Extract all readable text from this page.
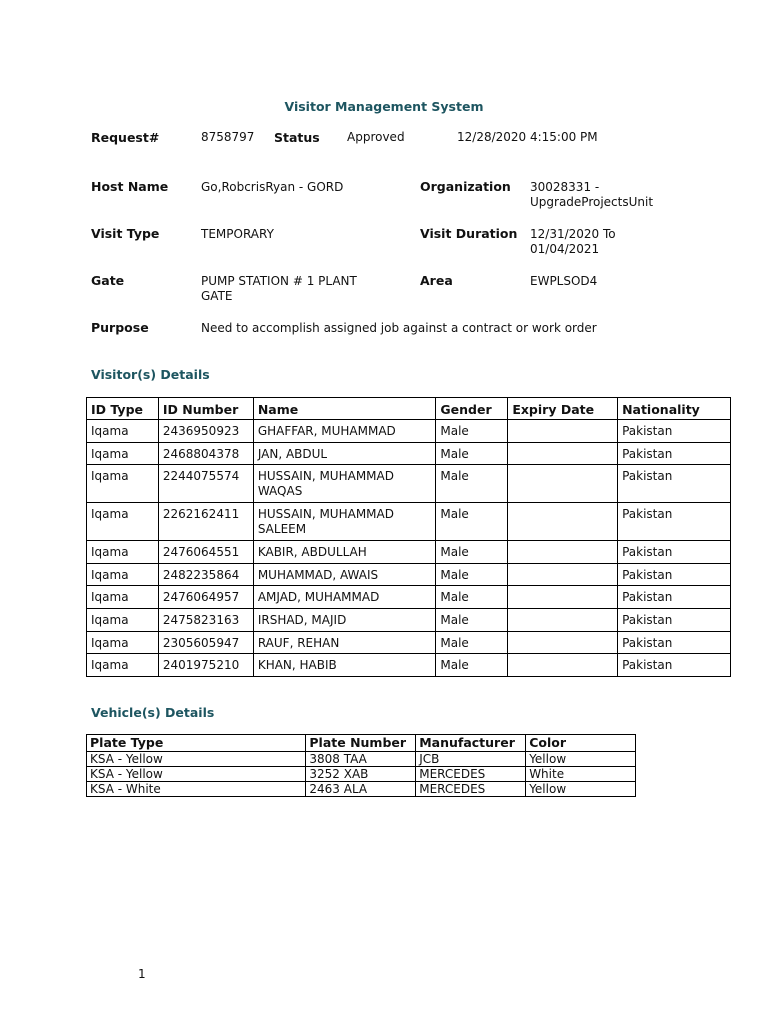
Visitor Management System
Request#	8758797 Status Approved	12/28/2020 4:15:00 PM
Host Name	Go,RobcrisRyan - GORD	Organization 30028331 -
UpgradeProjectsUnit
Visit Type	TEMPORARY	Visit Duration 12/31/2020 To
01/04/2021
Gate	PUMP STATION # 1 PLANT
GATE
Area	EWPLSOD4
Purpose	Need to accomplish assigned job against a contract or work order
Visitor(s) Details
ID Type	ID Number	Name	Gender	Expiry Date	Nationality
Iqama	2436950923	GHAFFAR, MUHAMMAD	Male		Pakistan
Iqama	2468804378	JAN, ABDUL	Male		Pakistan
Iqama	2244075574	HUSSAIN, MUHAMMAD WAQAS	Male		Pakistan
Iqama	2262162411	HUSSAIN, MUHAMMAD SALEEM	Male		Pakistan
Iqama	2476064551	KABIR, ABDULLAH	Male		Pakistan
Iqama	2482235864	MUHAMMAD, AWAIS	Male		Pakistan
Iqama	2476064957	AMJAD, MUHAMMAD	Male		Pakistan
Iqama	2475823163	IRSHAD, MAJID	Male		Pakistan
Iqama	2305605947	RAUF, REHAN	Male		Pakistan
Iqama	2401975210	KHAN, HABIB	Male		Pakistan
Vehicle(s) Details
Plate Type	Plate Number	Manufacturer	Color
KSA - Yellow	3808 TAA	JCB	Yellow
KSA - Yellow	3252 XAB	MERCEDES	White
KSA - White	2463 ALA	MERCEDES	Yellow
1
